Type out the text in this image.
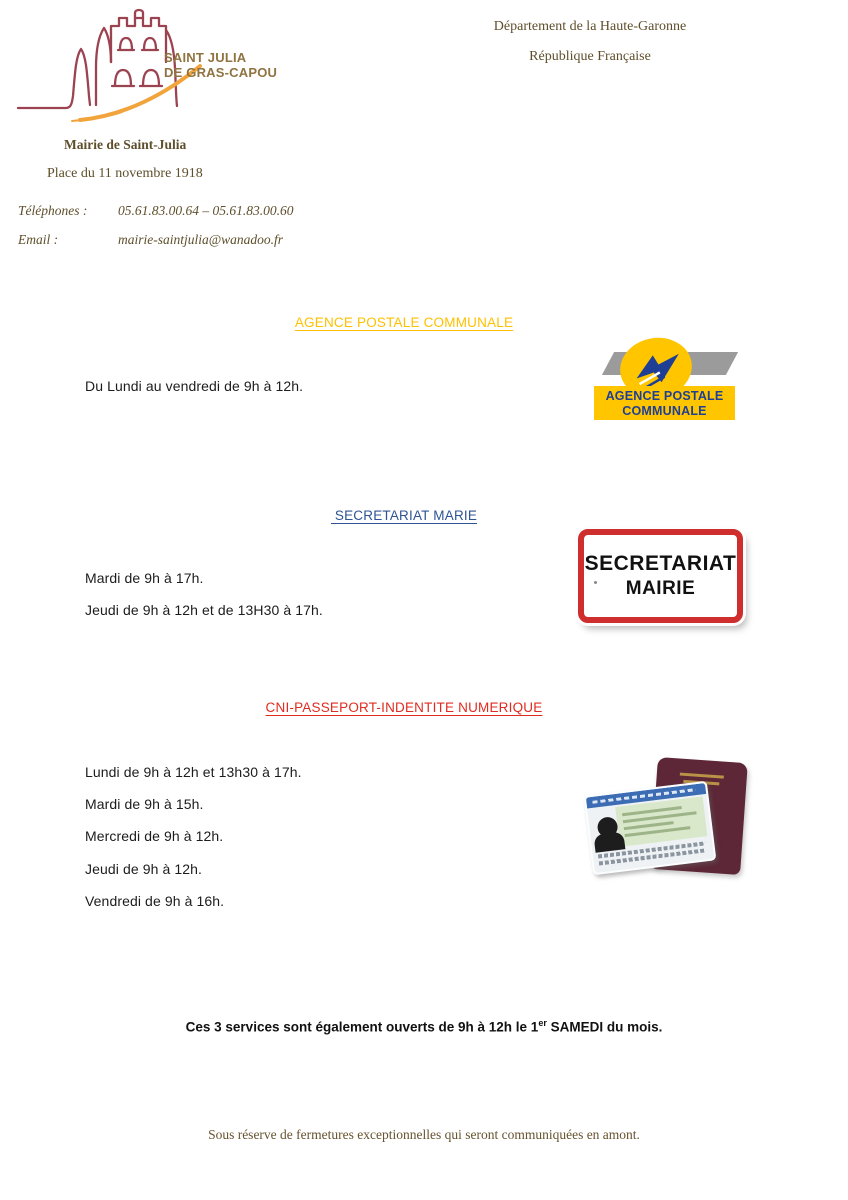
SAINT JULIA
DE GRAS-CAPOU
Département de la Haute-Garonne
République Française
Mairie de Saint-Julia
Place du 11 novembre 1918
Téléphones : 05.61.83.00.64 – 05.61.83.00.60
Email :	mairie-saintjulia@wanadoo.fr
AGENCE POSTALE COMMUNALE
Du Lundi au vendredi de 9h à 12h.
AGENCE POSTALE
COMMUNALE
SECRETARIAT MARIE
Mardi de 9h à 17h.
Jeudi de 9h à 12h et de 13H30 à 17h.
SECRETARIAT
MAIRIE
CNI-PASSEPORT-INDENTITE NUMERIQUE
Lundi de 9h à 12h et 13h30 à 17h.
Mardi de 9h à 15h.
Mercredi de 9h à 12h.
Jeudi de 9h à 12h.
Vendredi de 9h à 16h.
Ces 3 services sont également ouverts de 9h à 12h le 1er SAMEDI du mois.
Sous réserve de fermetures exceptionnelles qui seront communiquées en amont.
